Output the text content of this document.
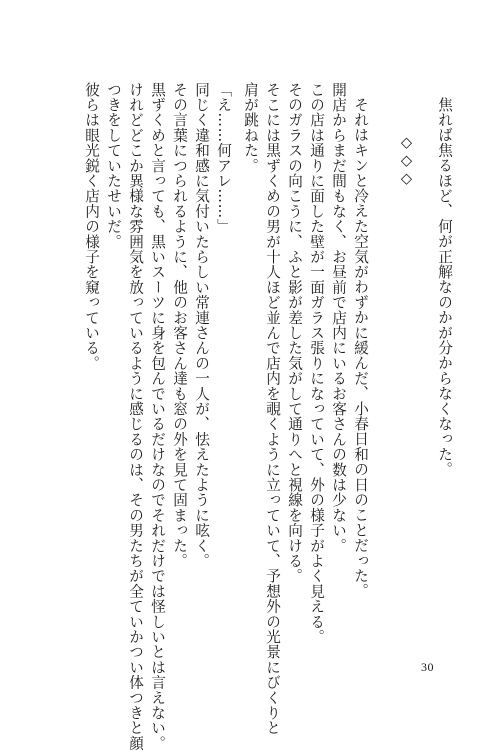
30
焦れば焦るほど、何が正解なのかが分からなくなった。
◇◇◇
それはキンと冷えた空気がわずかに緩んだ、小春日和の日のことだった。
開店からまだ間もなく、お昼前で店内にいるお客さんの数は少ない。
この店は通りに面した壁が一面ガラス張りになっていて、外の様子がよく見える。
そのガラスの向こうに、ふと影が差した気がして通りへと視線を向ける。
そこには黒ずくめの男が十人ほど並んで店内を覗くように立っていて、予想外の光景にびくりと
肩が跳ねた。
「え……何アレ……」
同じく違和感に気付いたらしい常連さんの一人が、怯えたように呟く。
その言葉につられるように、他のお客さん達も窓の外を見て固まった。
黒ずくめと言っても、黒いスーツに身を包んでいるだけなのでそれだけでは怪しいとは言えない。
けれどどこか異様な雰囲気を放っているように感じるのは、その男たちが全ていかつい体つきと顔
つきをしていたせいだ。
彼らは眼光鋭く店内の様子を窺っている。
